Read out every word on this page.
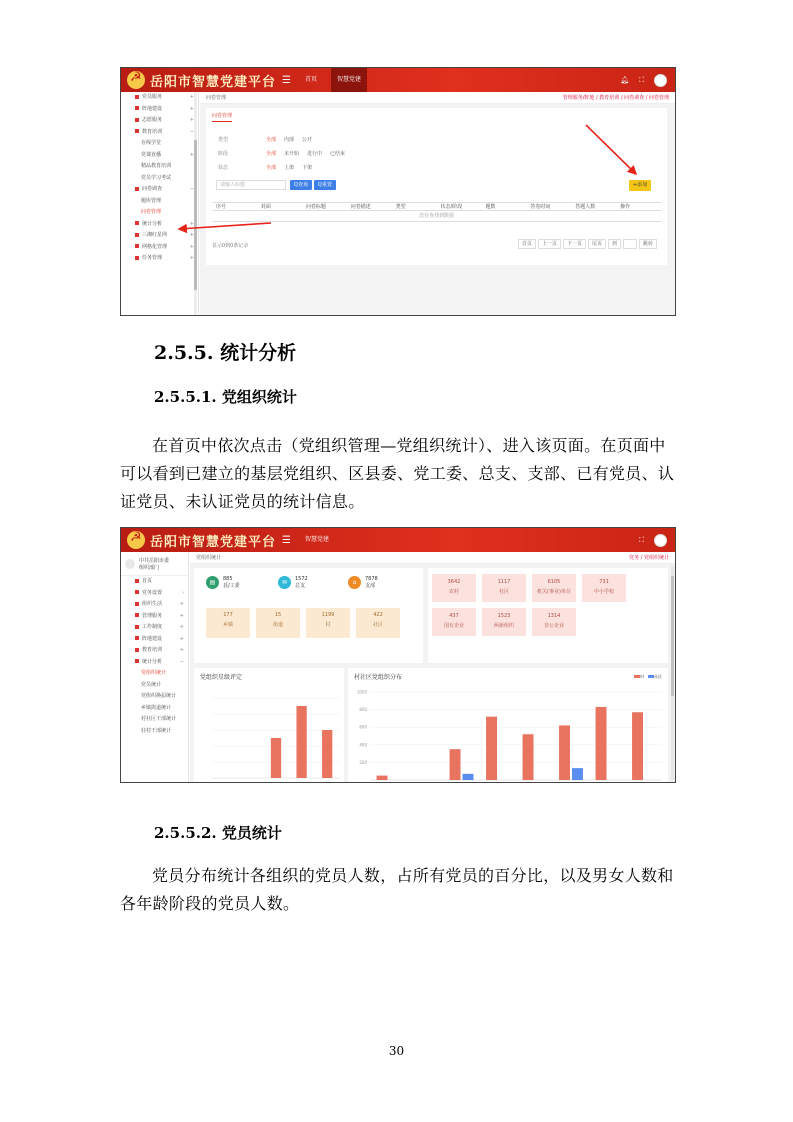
☭
岳阳市智慧党建平台 ☰	首页	智慧党建	🔔︎ ⛶
党员服务	+
阵地建设	+
志愿服务	+
教育培训	−
在线学堂
党课直播	+
精品教育培训
党员学习考试
问卷调查	−
题库管理
问卷管理
统计分析	+
三湘红星网	+
网格化管理	+
任务管理	+
问卷管理	管理服务/阵地 / 教育培训 / 问卷调查 / 问卷管理
问卷管理
类型	全部 内部 公开
阶段	全部 未开始 进行中 已结束
状态	全部 上架 下架
请输入标题	Q查询	Q重置	+添加
序号	封面	问卷标题	问卷描述	类型	状态/阶段	题数	答卷时间	答题人数	操作
没有查找到数据
显示0到0条记录	首页	上一页	下一页	尾页	到	跳转
2.5.5. 统计分析
2.5.5.1. 党组织统计
在首页中依次点击（党组织管理—党组织统计）、进入该页面。在页面中可以看到已建立的基层党组织、区县委、党工委、总支、支部、已有党员、认证党员、未认证党员的统计信息。
☭
岳阳市智慧党建平台 ☰	智慧党建	⛶
中共岳阳市委
组织部门
首页
党务设置	›
组织生活	+
管理服务	+
工作制度	+
阵地建设	+
教育培训	+
统计分析	−
党组织统计
党员统计
党组织换届统计
乡镇街道统计
村社区干部统计
驻村干部统计
党组织统计	党务 / 党组织统计
▤	885
县/工委	✉	1572
总支	⌂	7878
支部
177
乡镇
15
街道
1199
村
422
社区
3642
农村
1117
社区
6105
机关(事业)单位
731
中小学校
437
国有企业
1523
两新组织
1314
非公企业
党组织星级评定	村社区党组织分布	村	社区
200
400
600
800
1000
2.5.5.2. 党员统计
党员分布统计各组织的党员人数，占所有党员的百分比，以及男女人数和各年龄阶段的党员人数。
30
